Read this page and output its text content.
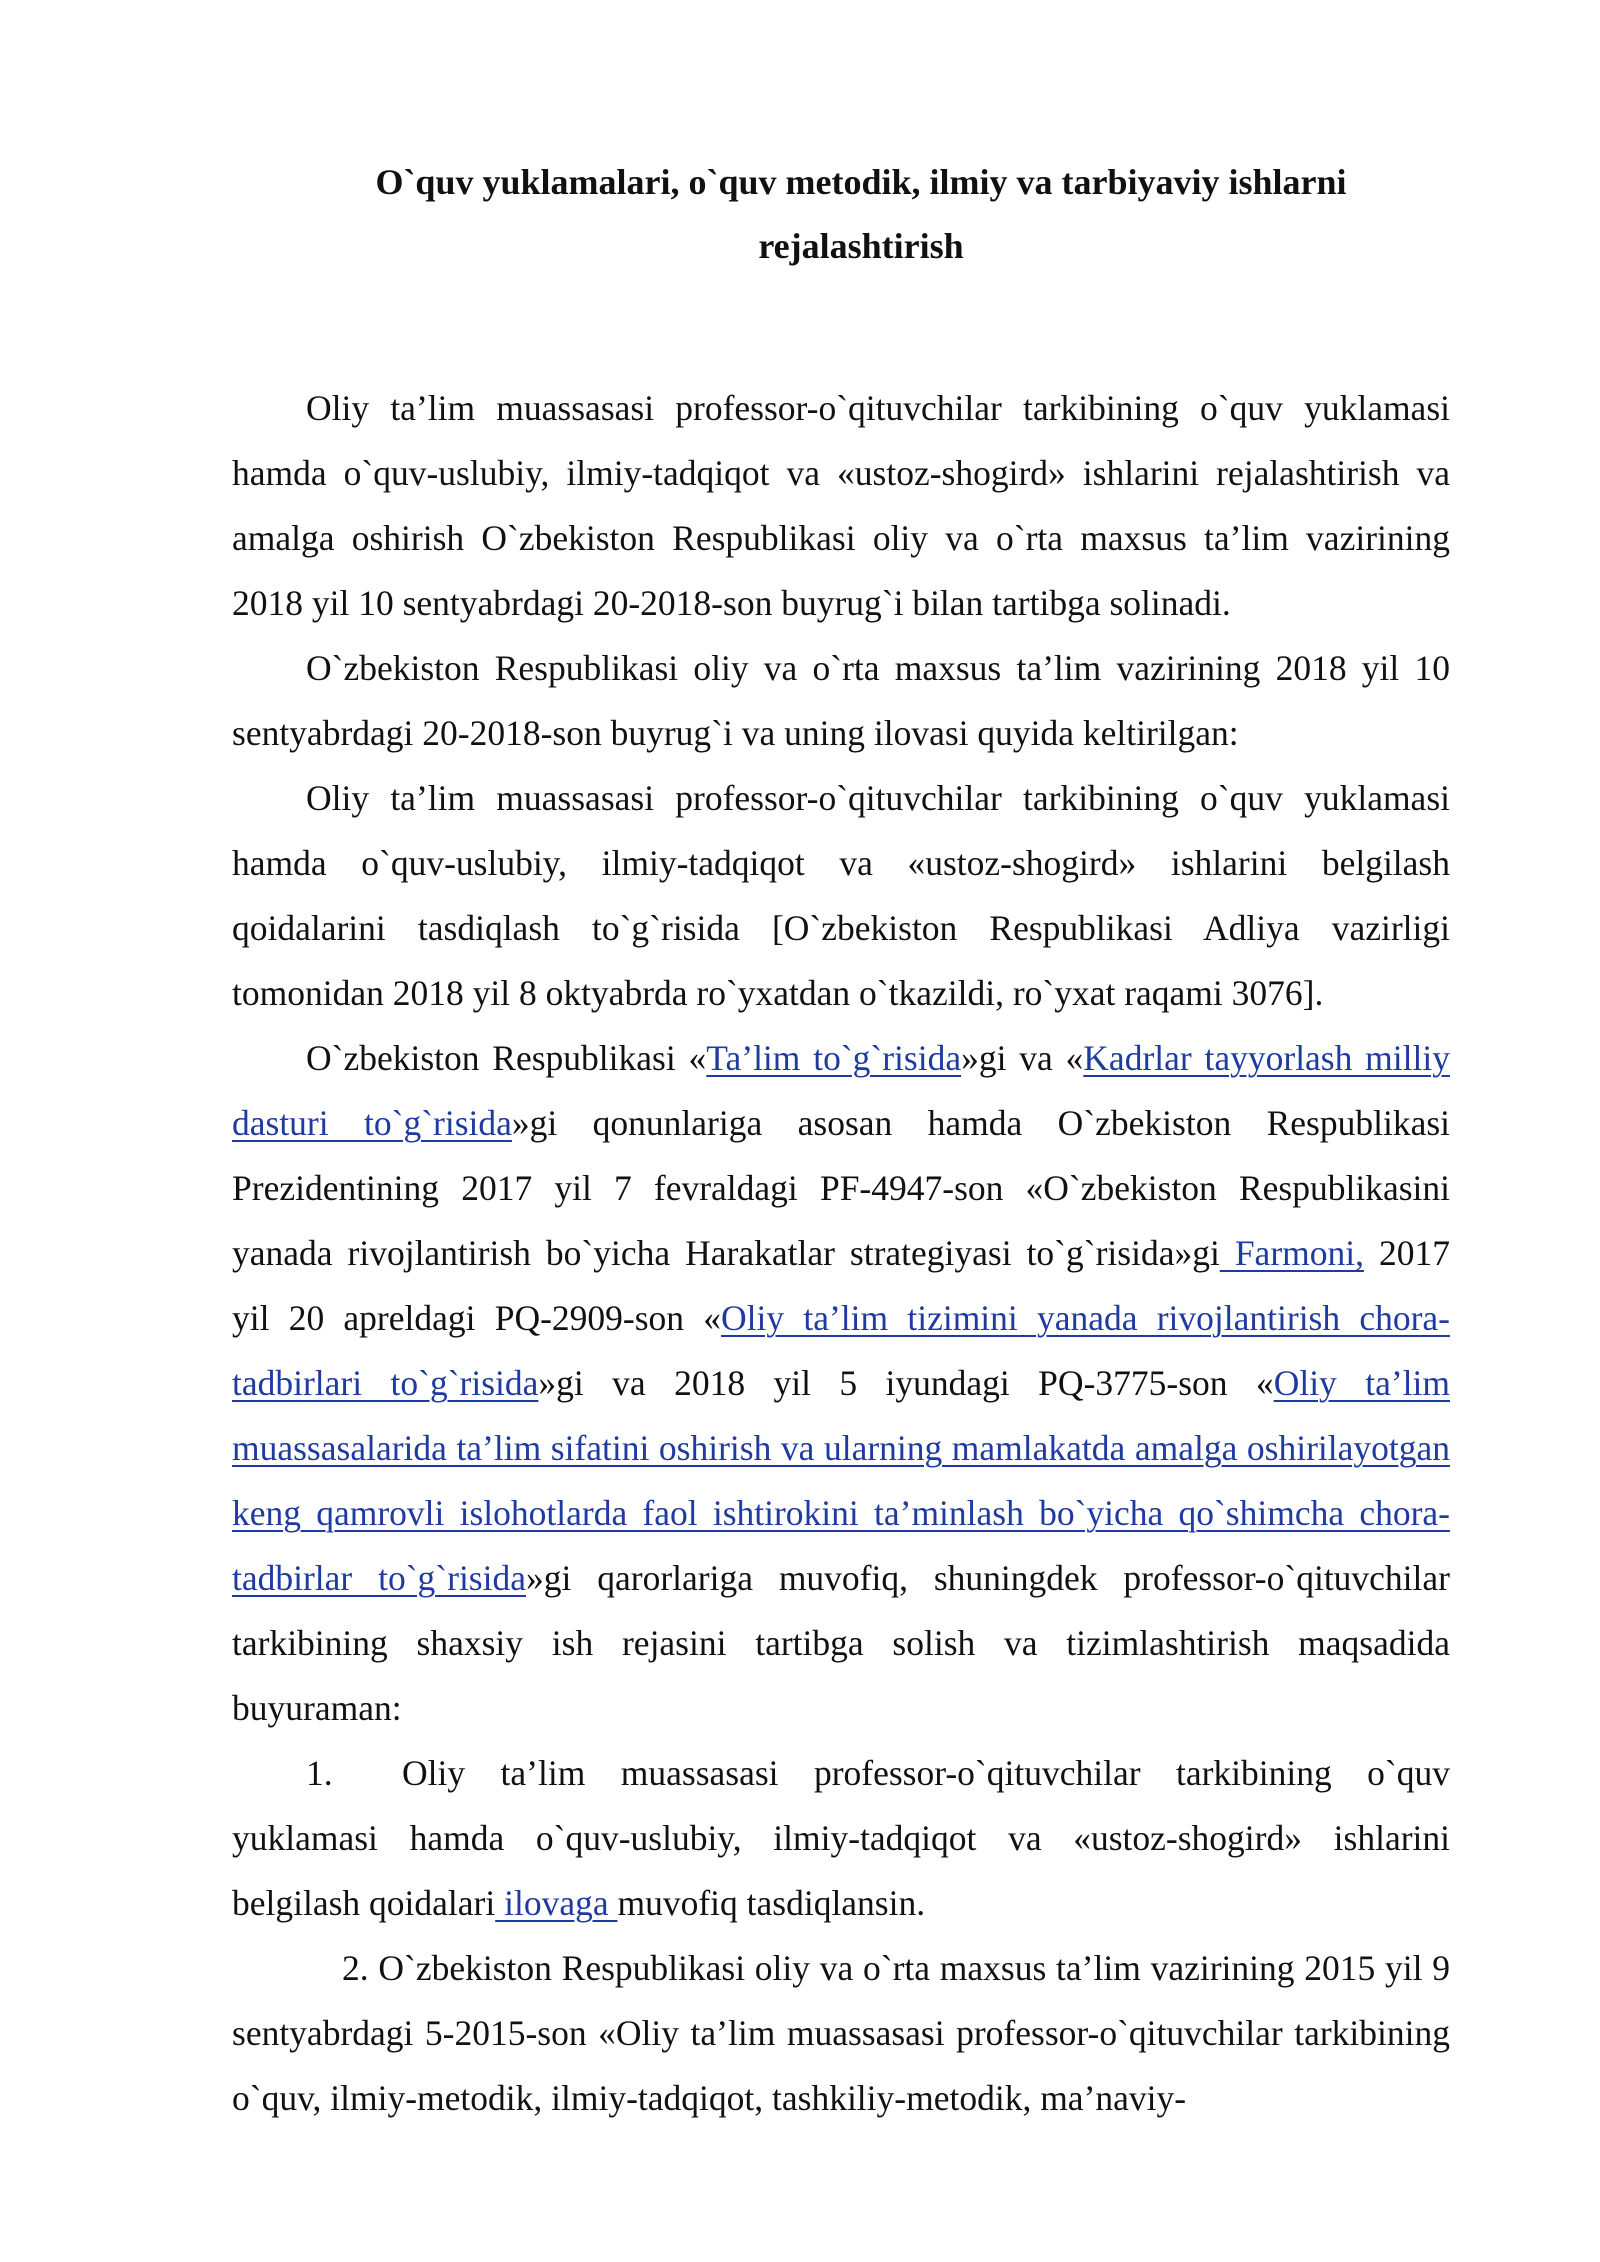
O`quv yuklamalari, o`quv metodik, ilmiy va tarbiyaviy ishlarni
rejalashtirish

Oliy ta’lim muassasasi professor-o`qituvchilar tarkibining o`quv yuklamasi hamda o`quv-uslubiy, ilmiy-tadqiqot va «ustoz-shogird» ishlarini rejalashtirish va amalga oshirish O`zbekiston Respublikasi oliy va o`rta maxsus ta’lim vazirining 2018 yil 10 sentyabrdagi 20-2018-son buyrug`i bilan tartibga solinadi.

O`zbekiston Respublikasi oliy va o`rta maxsus ta’lim vazirining 2018 yil 10 sentyabrdagi 20-2018-son buyrug`i va uning ilovasi quyida keltirilgan:

Oliy ta’lim muassasasi professor-o`qituvchilar tarkibining o`quv yuklamasi hamda o`quv-uslubiy, ilmiy-tadqiqot va «ustoz-shogird» ishlarini belgilash qoidalarini tasdiqlash to`g`risida [O`zbekiston Respublikasi Adliya vazirligi tomonidan 2018 yil 8 oktyabrda ro`yxatdan o`tkazildi, ro`yxat raqami 3076].

O`zbekiston Respublikasi «Ta’lim to`g`risida»gi va «Kadrlar tayyorlash milliy dasturi to`g`risida»gi qonunlariga asosan hamda O`zbekiston Respublikasi Prezidentining 2017 yil 7 fevraldagi PF-4947-son «O`zbekiston Respublikasini yanada rivojlantirish bo`yicha Harakatlar strategiyasi to`g`risida»gi Farmoni, 2017 yil 20 apreldagi PQ-2909-son «Oliy ta’lim tizimini yanada rivojlantirish chora-tadbirlari to`g`risida»gi va 2018 yil 5 iyundagi PQ-3775-son «Oliy ta’lim muassasalarida ta’lim sifatini oshirish va ularning mamlakatda amalga oshirilayotgan keng qamrovli islohotlarda faol ishtirokini ta’minlash bo`yicha qo`shimcha chora-tadbirlar to`g`risida»gi qarorlariga muvofiq, shuningdek professor-o`qituvchilar tarkibining shaxsiy ish rejasini tartibga solish va tizimlashtirish maqsadida buyuraman:

1. Oliy ta’lim muassasasi professor-o`qituvchilar tarkibining o`quv yuklamasi hamda o`quv-uslubiy, ilmiy-tadqiqot va «ustoz-shogird» ishlarini belgilash qoidalari ilovaga muvofiq tasdiqlansin.

2. O`zbekiston Respublikasi oliy va o`rta maxsus ta’lim vazirining 2015 yil 9 sentyabrdagi 5-2015-son «Oliy ta’lim muassasasi professor-o`qituvchilar tarkibining o`quv, ilmiy-metodik, ilmiy-tadqiqot, tashkiliy-metodik, ma’naviy-
